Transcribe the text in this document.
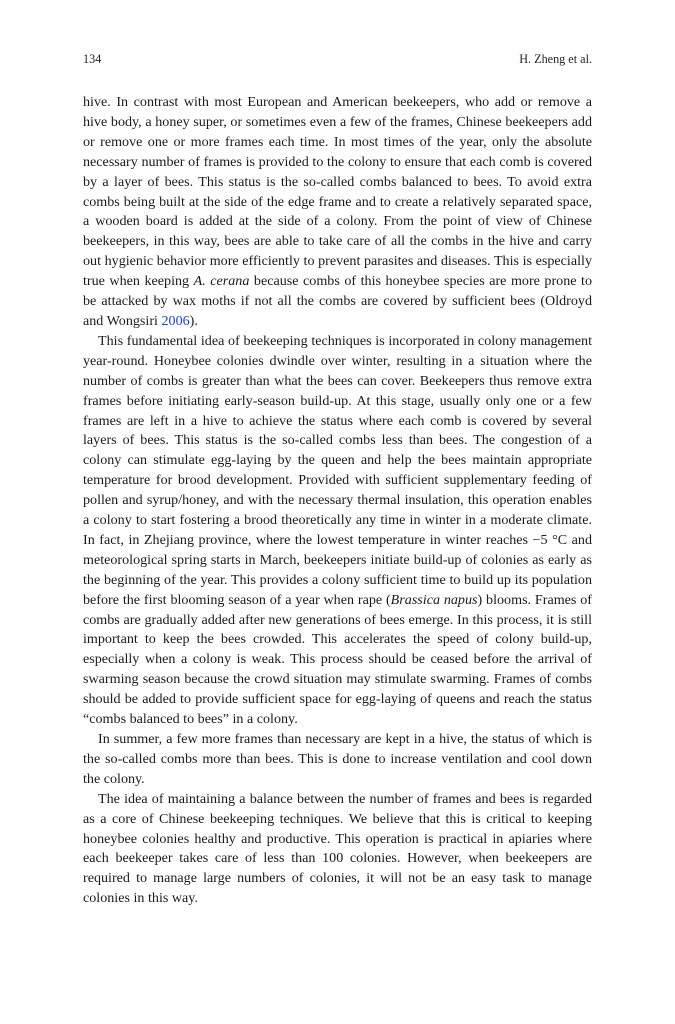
134	H. Zheng et al.

hive. In contrast with most European and American beekeepers, who add or remove a hive body, a honey super, or sometimes even a few of the frames, Chinese beekeepers add or remove one or more frames each time. In most times of the year, only the absolute necessary number of frames is provided to the colony to ensure that each comb is covered by a layer of bees. This status is the so-called combs balanced to bees. To avoid extra combs being built at the side of the edge frame and to create a relatively separated space, a wooden board is added at the side of a colony. From the point of view of Chinese beekeepers, in this way, bees are able to take care of all the combs in the hive and carry out hygienic behavior more efficiently to prevent parasites and diseases. This is especially true when keeping A. cerana because combs of this honeybee species are more prone to be attacked by wax moths if not all the combs are covered by sufficient bees (Oldroyd and Wongsiri 2006).

This fundamental idea of beekeeping techniques is incorporated in colony management year-round. Honeybee colonies dwindle over winter, resulting in a situation where the number of combs is greater than what the bees can cover. Beekeepers thus remove extra frames before initiating early-season build-up. At this stage, usually only one or a few frames are left in a hive to achieve the status where each comb is covered by several layers of bees. This status is the so-called combs less than bees. The congestion of a colony can stimulate egg-laying by the queen and help the bees maintain appropriate temperature for brood development. Provided with sufficient supplementary feeding of pollen and syrup/honey, and with the necessary thermal insulation, this operation enables a colony to start fostering a brood theoretically any time in winter in a moderate climate. In fact, in Zhejiang province, where the lowest temperature in winter reaches −5 °C and meteorological spring starts in March, beekeepers initiate build-up of colonies as early as the beginning of the year. This provides a colony sufficient time to build up its population before the first blooming season of a year when rape (Brassica napus) blooms. Frames of combs are gradually added after new generations of bees emerge. In this process, it is still important to keep the bees crowded. This accelerates the speed of colony build-up, especially when a colony is weak. This process should be ceased before the arrival of swarming season because the crowd situation may stimulate swarming. Frames of combs should be added to provide sufficient space for egg-laying of queens and reach the status “combs balanced to bees” in a colony.

In summer, a few more frames than necessary are kept in a hive, the status of which is the so-called combs more than bees. This is done to increase ventilation and cool down the colony.

The idea of maintaining a balance between the number of frames and bees is regarded as a core of Chinese beekeeping techniques. We believe that this is critical to keeping honeybee colonies healthy and productive. This operation is practical in apiaries where each beekeeper takes care of less than 100 colonies. However, when beekeepers are required to manage large numbers of colonies, it will not be an easy task to manage colonies in this way.
